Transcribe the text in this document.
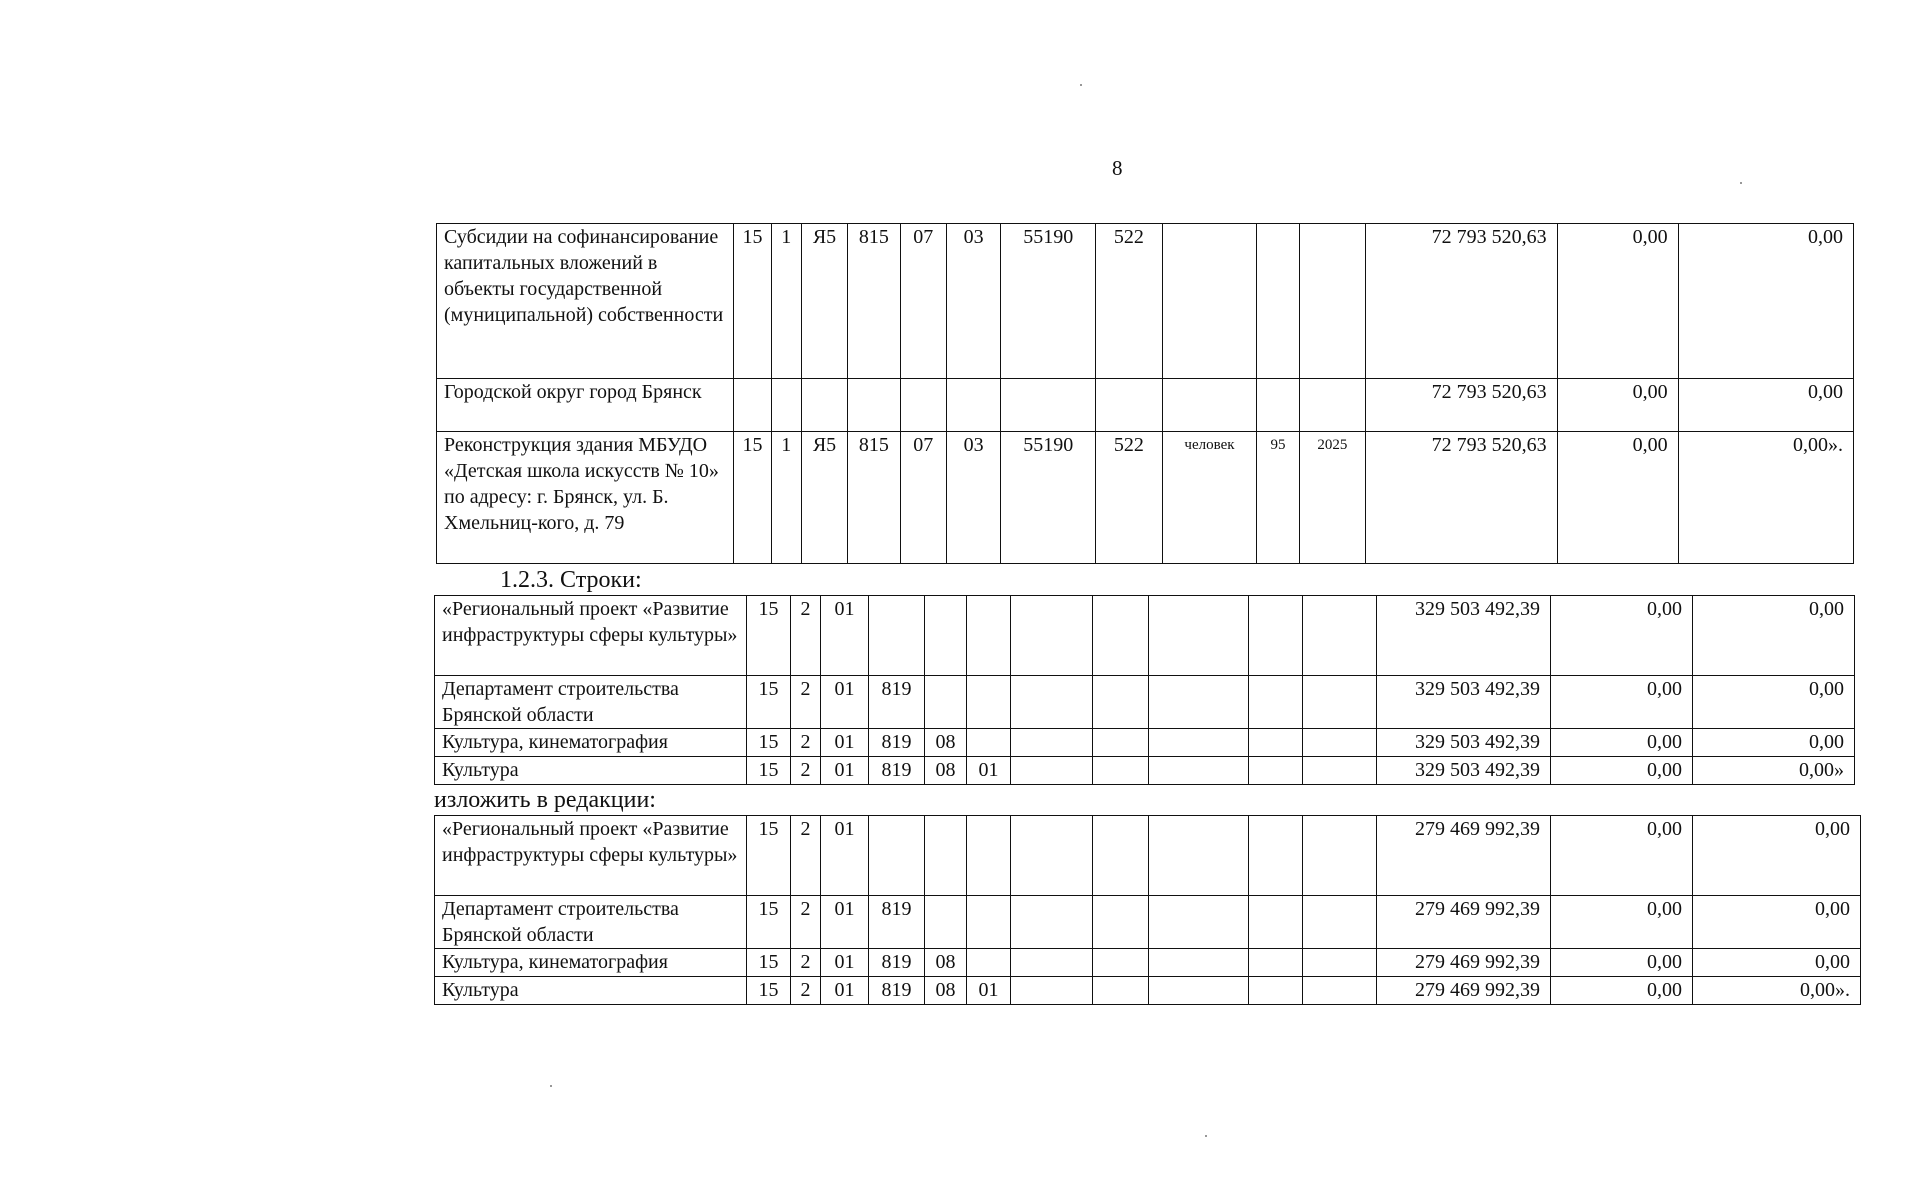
8
Субсидии на софинансирование капитальных вложений в объекты государственной (муниципальной) собственности	15	1	Я5	815	07	03	55190	522				72 793 520,63	0,00	0,00
Городской округ город Брянск												72 793 520,63	0,00	0,00
Реконструкция здания МБУДО «Детская школа искусств № 10» по адресу: г. Брянск, ул. Б. Хмельниц-кого, д. 79	15	1	Я5	815	07	03	55190	522	человек	95	2025	72 793 520,63	0,00	0,00».
1.2.3. Строки:
«Региональный проект «Развитие инфраструктуры сферы культуры»	15	2	01									329 503 492,39	0,00	0,00
Департамент строительства Брянской области	15	2	01	819								329 503 492,39	0,00	0,00
Культура, кинематография	15	2	01	819	08							329 503 492,39	0,00	0,00
Культура	15	2	01	819	08	01						329 503 492,39	0,00	0,00»
изложить в редакции:
«Региональный проект «Развитие инфраструктуры сферы культуры»	15	2	01									279 469 992,39	0,00	0,00
Департамент строительства Брянской области	15	2	01	819								279 469 992,39	0,00	0,00
Культура, кинематография	15	2	01	819	08							279 469 992,39	0,00	0,00
Культура	15	2	01	819	08	01						279 469 992,39	0,00	0,00».
